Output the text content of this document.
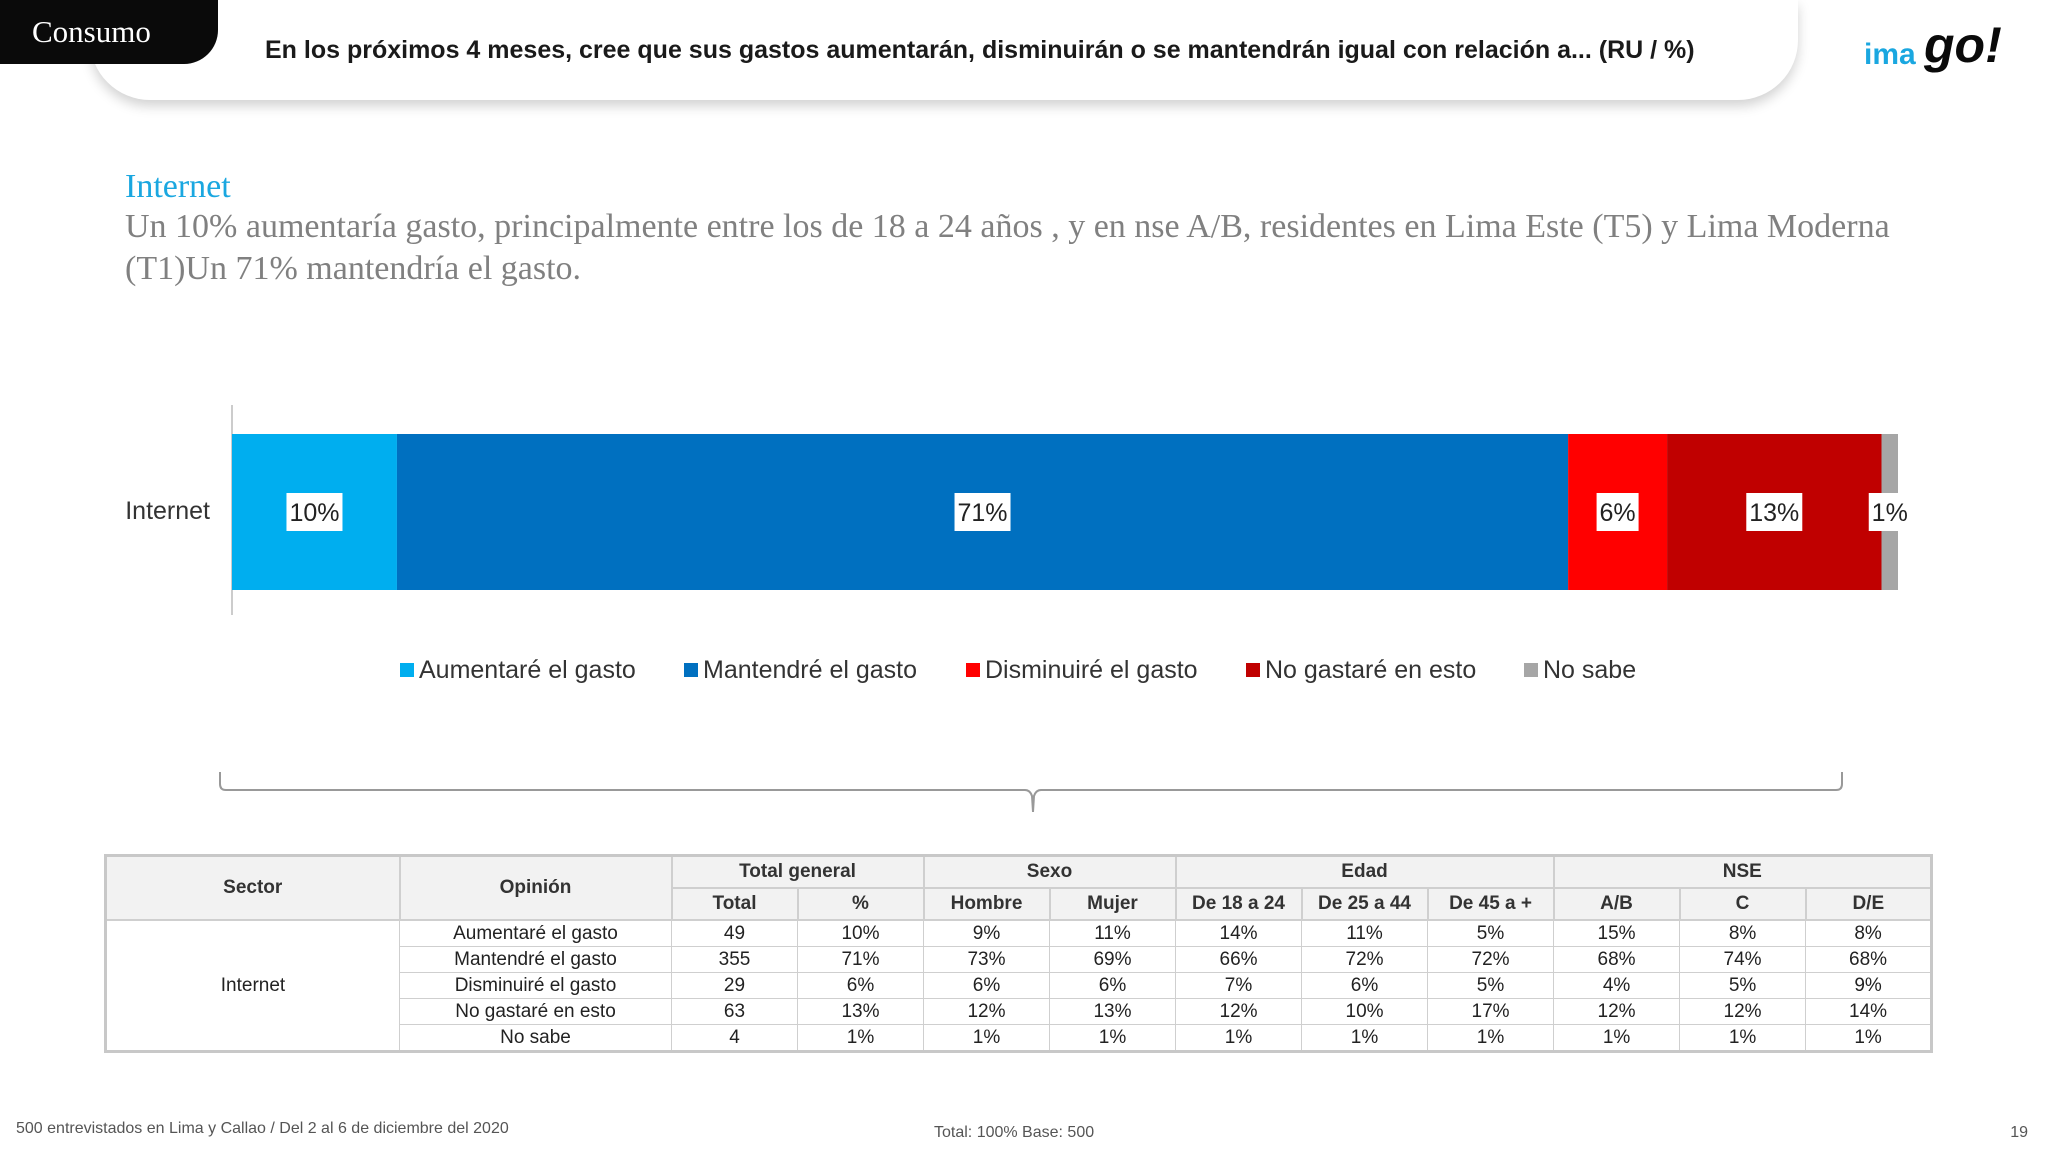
Consumo
En los próximos 4 meses, cree que sus gastos aumentarán, disminuirán o se mantendrán igual con relación a... (RU / %)	ima go!
Internet
Un 10% aumentaría gasto, principalmente entre los de 18 a 24 años , y en nse A/B, residentes en Lima Este (T5) y Lima Moderna (T1)Un 71% mantendría el gasto.
Internet	10%	71%	6%	13%	1%
Aumentaré el gasto	Mantendré el gasto	Disminuiré el gasto	No gastaré en esto	No sabe
Sector	Opinión	Total general		Sexo		Edad			NSE		
		Total	%	Hombre	Mujer	De 18 a 24	De 25 a 44	De 45 a +	A/B	C	D/E
Internet	Aumentaré el gasto	49	10%	9%	11%	14%	11%	5%	15%	8%	8%
	Mantendré el gasto	355	71%	73%	69%	66%	72%	72%	68%	74%	68%
	Disminuiré el gasto	29	6%	6%	6%	7%	6%	5%	4%	5%	9%
	No gastaré en esto	63	13%	12%	13%	12%	10%	17%	12%	12%	14%
	No sabe	4	1%	1%	1%	1%	1%	1%	1%	1%	1%
500 entrevistados en Lima y Callao / Del 2 al 6 de diciembre del 2020	Total: 100% Base: 500	19
